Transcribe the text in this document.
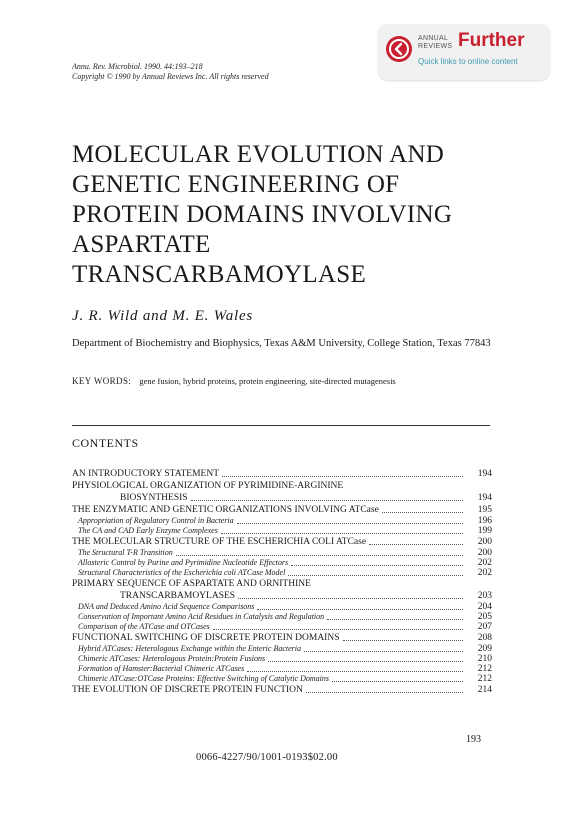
ANNUAL
REVIEWS Further
Quick links to online content
Annu. Rev. Microbiol. 1990. 44:193–218
Copyright © 1990 by Annual Reviews Inc. All rights reserved
MOLECULAR EVOLUTION AND
GENETIC ENGINEERING OF
PROTEIN DOMAINS INVOLVING
ASPARTATE
TRANSCARBAMOYLASE
J. R. Wild and M. E. Wales
Department of Biochemistry and Biophysics, Texas A&M University, College Station, Texas 77843
KEY WORDS: gene fusion, hybrid proteins, protein engineering, site-directed mutagenesis
CONTENTS
AN INTRODUCTORY STATEMENT	194
PHYSIOLOGICAL ORGANIZATION OF PYRIMIDINE-ARGININE
BIOSYNTHESIS	194
THE ENZYMATIC AND GENETIC ORGANIZATIONS INVOLVING ATCase	195
Appropriation of Regulatory Control in Bacteria	196
The CA and CAD Early Enzyme Complexes	199
THE MOLECULAR STRUCTURE OF THE ESCHERICHIA COLI ATCase	200
The Structural T-R Transition	200
Allosteric Control by Purine and Pyrimidine Nucleotide Effectors	202
Structural Characteristics of the Escherichia coli ATCase Model	202
PRIMARY SEQUENCE OF ASPARTATE AND ORNITHINE
TRANSCARBAMOYLASES	203
DNA and Deduced Amino Acid Sequence Comparisons	204
Conservation of Important Amino Acid Residues in Catalysis and Regulation	205
Comparison of the ATCase and OTCases	207
FUNCTIONAL SWITCHING OF DISCRETE PROTEIN DOMAINS	208
Hybrid ATCases: Heterologous Exchange within the Enteric Bacteria	209
Chimeric ATCases: Heterologous Protein:Protein Fusions	210
Formation of Hamster:Bacterial Chimeric ATCases	212
Chimeric ATCase:OTCase Proteins: Effective Switching of Catalytic Domains	212
THE EVOLUTION OF DISCRETE PROTEIN FUNCTION	214
193
0066-4227/90/1001-0193$02.00
